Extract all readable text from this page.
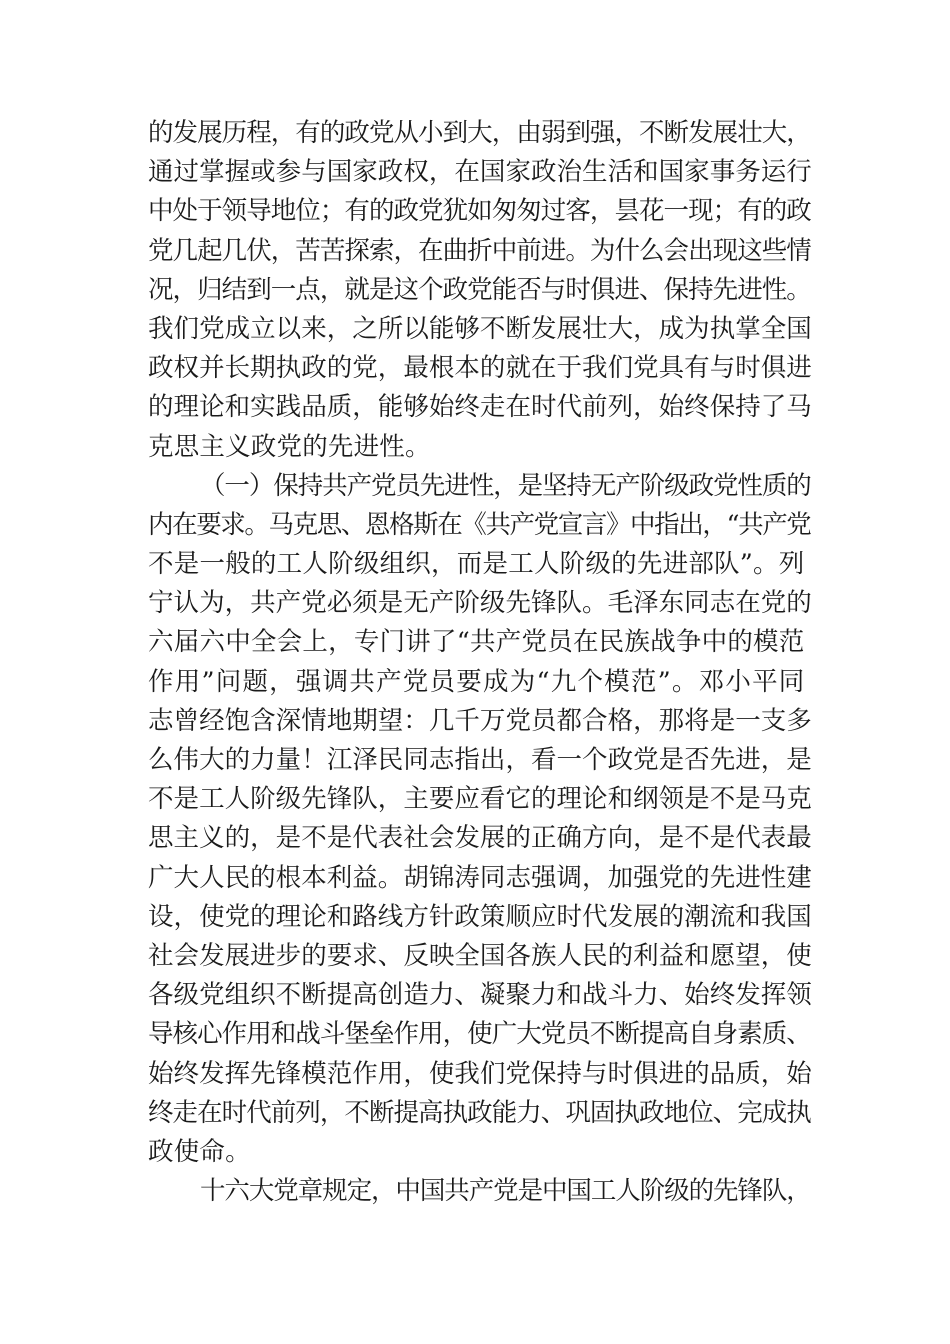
的发展历程，有的政党从小到大，由弱到强，不断发展壮大，
通过掌握或参与国家政权，在国家政治生活和国家事务运行
中处于领导地位；有的政党犹如匆匆过客，昙花一现；有的政
党几起几伏，苦苦探索，在曲折中前进。为什么会出现这些情
况，归结到一点，就是这个政党能否与时俱进、保持先进性。
我们党成立以来，之所以能够不断发展壮大，成为执掌全国
政权并长期执政的党，最根本的就在于我们党具有与时俱进
的理论和实践品质，能够始终走在时代前列，始终保持了马
克思主义政党的先进性。
（一）保持共产党员先进性，是坚持无产阶级政党性质的
内在要求。马克思、恩格斯在《共产党宣言》中指出，“共产党
不是一般的工人阶级组织，而是工人阶级的先进部队”。列
宁认为，共产党必须是无产阶级先锋队。毛泽东同志在党的
六届六中全会上，专门讲了“共产党员在民族战争中的模范
作用”问题，强调共产党员要成为“九个模范”。邓小平同
志曾经饱含深情地期望：几千万党员都合格，那将是一支多
么伟大的力量！江泽民同志指出，看一个政党是否先进，是
不是工人阶级先锋队，主要应看它的理论和纲领是不是马克
思主义的，是不是代表社会发展的正确方向，是不是代表最
广大人民的根本利益。胡锦涛同志强调，加强党的先进性建
设，使党的理论和路线方针政策顺应时代发展的潮流和我国
社会发展进步的要求、反映全国各族人民的利益和愿望，使
各级党组织不断提高创造力、凝聚力和战斗力、始终发挥领
导核心作用和战斗堡垒作用，使广大党员不断提高自身素质、
始终发挥先锋模范作用，使我们党保持与时俱进的品质，始
终走在时代前列，不断提高执政能力、巩固执政地位、完成执
政使命。
十六大党章规定，中国共产党是中国工人阶级的先锋队，
